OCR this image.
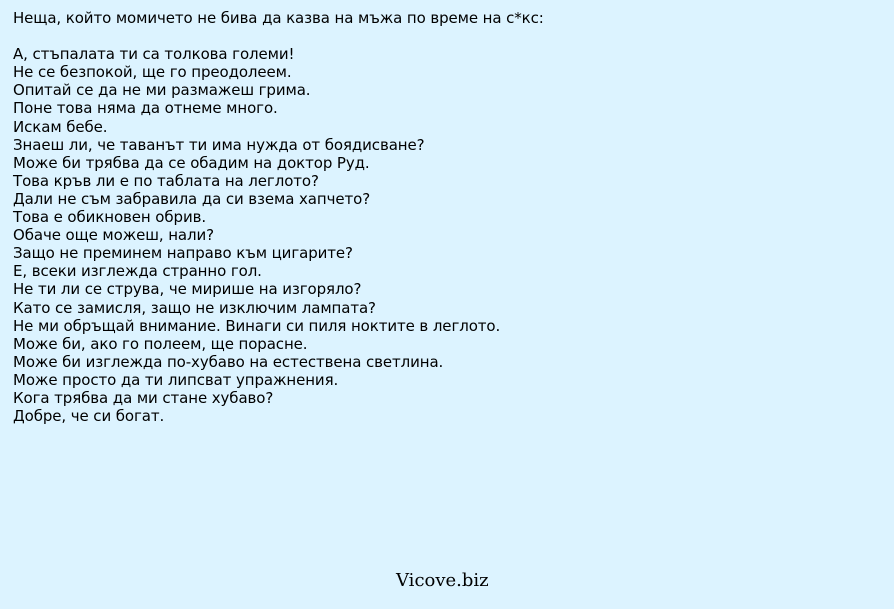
Неща, който момичето не бива да казва на мъжа по време на с*кс:
А, стъпалата ти са толкова големи!
Не се безпокой, ще го преодолеем.
Опитай се да не ми размажеш грима.
Поне това няма да отнеме много.
Искам бебе.
Знаеш ли, че таванът ти има нужда от боядисване?
Може би трябва да се обадим на доктор Руд.
Това кръв ли е по таблата на леглото?
Дали не съм забравила да си взема хапчето?
Това е обикновен обрив.
Обаче още можеш, нали?
Защо не преминем направо към цигарите?
Е, всеки изглежда странно гол.
Не ти ли се струва, че мирише на изгоряло?
Като се замисля, защо не изключим лампата?
Не ми обръщай внимание. Винаги си пиля ноктите в леглото.
Може би, ако го полеем, ще порасне.
Може би изглежда по-хубаво на естествена светлина.
Може просто да ти липсват упражнения.
Кога трябва да ми стане хубаво?
Добре, че си богат.
Vicove.biz
